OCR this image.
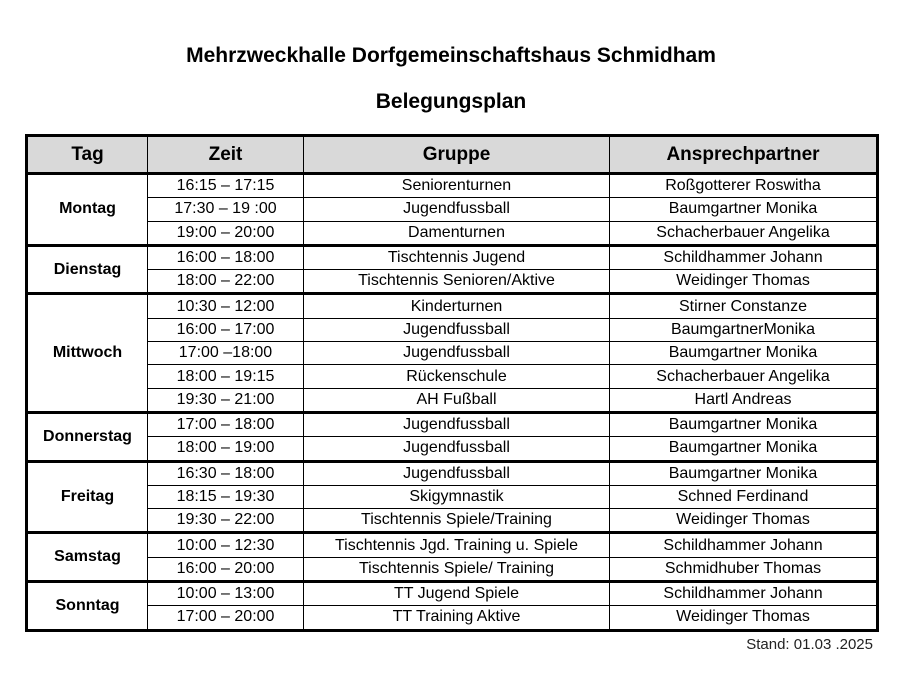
Mehrzweckhalle Dorfgemeinschaftshaus Schmidham
Belegungsplan
Tag	Zeit	Gruppe	Ansprechpartner
Montag	16:15 – 17:15	Seniorenturnen	Roßgotterer Roswitha
	17:30 – 19 :00	Jugendfussball	Baumgartner Monika
	19:00 – 20:00	Damenturnen	Schacherbauer Angelika
Dienstag	16:00 – 18:00	Tischtennis Jugend	Schildhammer Johann
	18:00 – 22:00	Tischtennis Senioren/Aktive	Weidinger Thomas
Mittwoch	10:30 – 12:00	Kinderturnen	Stirner Constanze
	16:00 – 17:00	Jugendfussball	BaumgartnerMonika
	17:00 –18:00	Jugendfussball	Baumgartner Monika
	18:00 – 19:15	Rückenschule	Schacherbauer Angelika
	19:30 – 21:00	AH Fußball	Hartl Andreas
Donnerstag	17:00 – 18:00	Jugendfussball	Baumgartner Monika
	18:00 – 19:00	Jugendfussball	Baumgartner Monika
Freitag	16:30 – 18:00	Jugendfussball	Baumgartner Monika
	18:15 – 19:30	Skigymnastik	Schned Ferdinand
	19:30 – 22:00	Tischtennis Spiele/Training	Weidinger Thomas
Samstag	10:00 – 12:30	Tischtennis Jgd. Training u. Spiele	Schildhammer Johann
	16:00 – 20:00	Tischtennis Spiele/ Training	Schmidhuber Thomas
Sonntag	10:00 – 13:00	TT Jugend Spiele	Schildhammer Johann
	17:00 – 20:00	TT Training Aktive	Weidinger Thomas
Stand: 01.03 .2025
